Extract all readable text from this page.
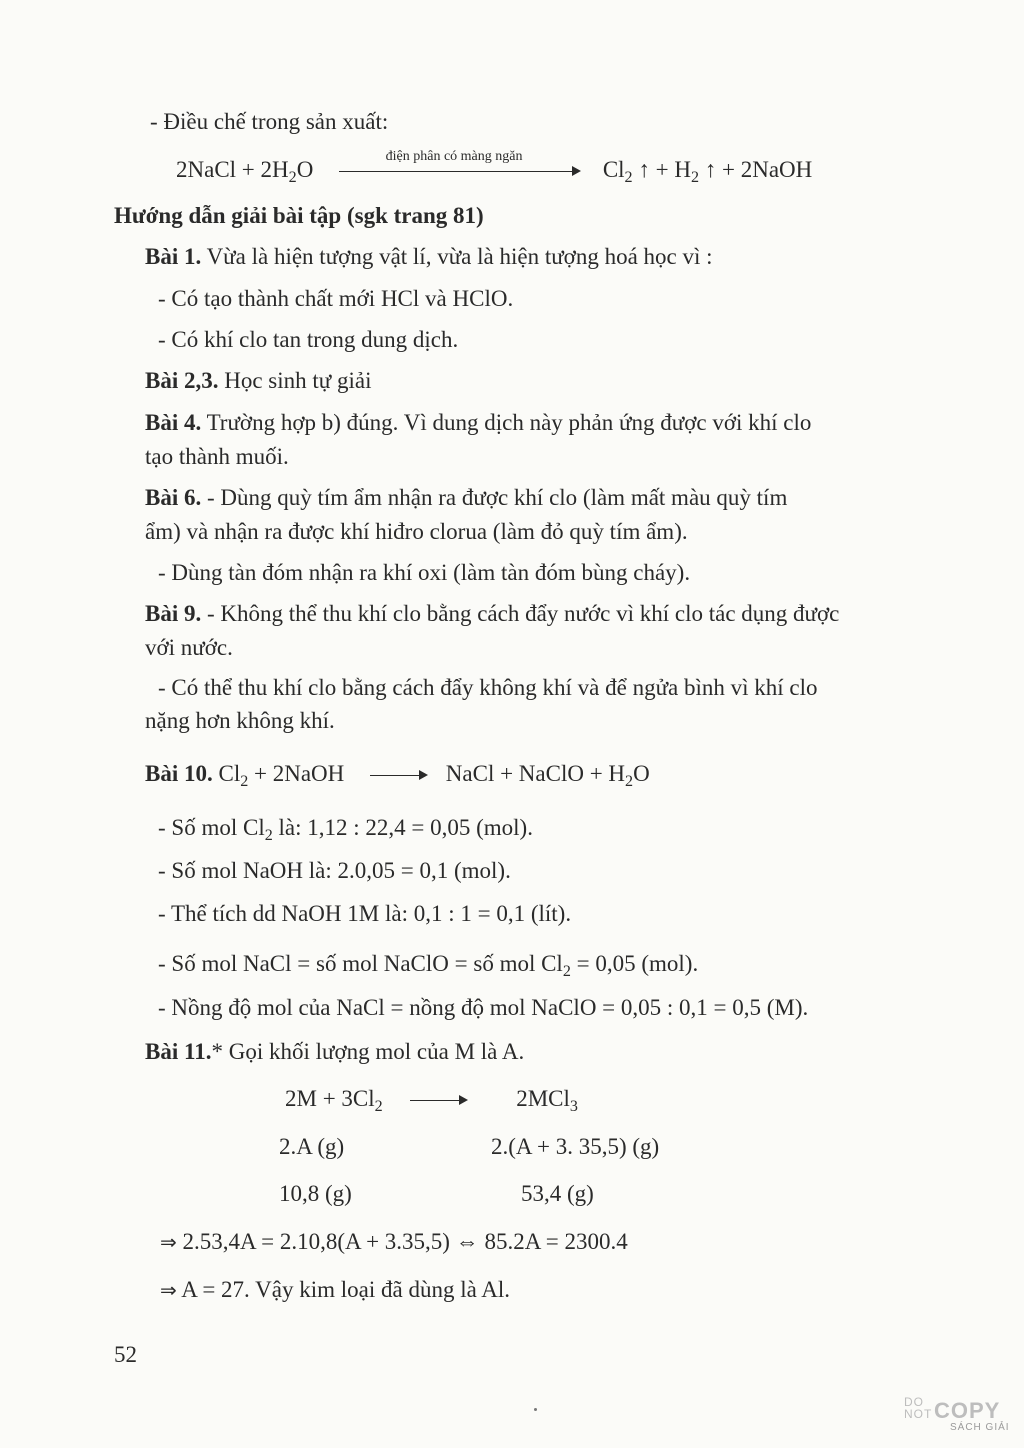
- Điều chế trong sản xuất:
2NaCl + $2H_2O$
điện phân có màng ngăn
$Cl_2$ ↑ + $H_2$ ↑ + 2NaOH
Hướng dẫn giải bài tập (sgk trang 81)
Bài 1. Vừa là hiện tượng vật lí, vừa là hiện tượng hoá học vì :
- Có tạo thành chất mới HCl và HClO.
- Có khí clo tan trong dung dịch.
Bài 2,3. Học sinh tự giải
Bài 4. Trường hợp b) đúng. Vì dung dịch này phản ứng được với khí clo
tạo thành muối.
Bài 6. - Dùng quỳ tím ẩm nhận ra được khí clo (làm mất màu quỳ tím
ẩm) và nhận ra được khí hiđro clorua (làm đỏ quỳ tím ẩm).
- Dùng tàn đóm nhận ra khí oxi (làm tàn đóm bùng cháy).
Bài 9. - Không thể thu khí clo bằng cách đẩy nước vì khí clo tác dụng được
với nước.
- Có thể thu khí clo bằng cách đẩy không khí và để ngửa bình vì khí clo
nặng hơn không khí.
Bài 10. $Cl_2$ + 2NaOH	NaCl + NaClO + $H_2O$
- Số mol $Cl_2$ là: 1,12 : 22,4 = 0,05 (mol).
- Số mol NaOH là: 2.0,05 = 0,1 (mol).
- Thể tích dd NaOH 1M là: 0,1 : 1 = 0,1 (lít).
- Số mol NaCl = số mol NaClO = số mol $Cl_2 = 0,05$ (mol).
- Nồng độ mol của NaCl = nồng độ mol NaClO = 0,05 : 0,1 = 0,5 (M).
Bài 11.* Gọi khối lượng mol của M là A.
$2M + 3Cl_2$	2MCl$_3$
2.A (g)	2.(A + 3. 35,5) (g)
10,8 (g)	53,4 (g)
⇒ 2.53,4A = 2.10,8(A + 3.35,5) ⇔ 85.2A = 2300.4
⇒ A = 27. Vậy kim loại đã dùng là Al.
52
DO
NOT COPY
SÁCH GIẢI
